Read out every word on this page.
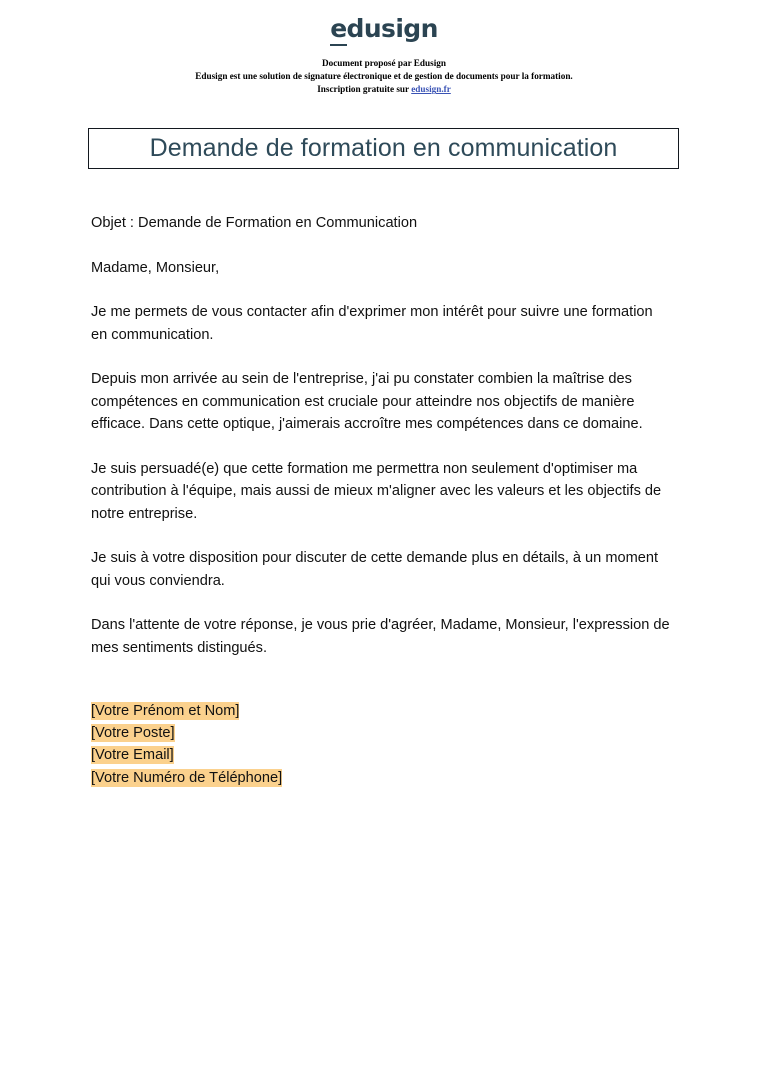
edusign
Document proposé par Edusign
Edusign est une solution de signature électronique et de gestion de documents pour la formation.
Inscription gratuite sur edusign.fr
Demande de formation en communication

Objet : Demande de Formation en Communication

Madame, Monsieur,

Je me permets de vous contacter afin d'exprimer mon intérêt pour suivre une formation en communication.

Depuis mon arrivée au sein de l'entreprise, j'ai pu constater combien la maîtrise des compétences en communication est cruciale pour atteindre nos objectifs de manière efficace. Dans cette optique, j'aimerais accroître mes compétences dans ce domaine.

Je suis persuadé(e) que cette formation me permettra non seulement d'optimiser ma contribution à l'équipe, mais aussi de mieux m'aligner avec les valeurs et les objectifs de notre entreprise.

Je suis à votre disposition pour discuter de cette demande plus en détails, à un moment qui vous conviendra.

Dans l'attente de votre réponse, je vous prie d'agréer, Madame, Monsieur, l'expression de mes sentiments distingués.

[Votre Prénom et Nom]
[Votre Poste]
[Votre Email]
[Votre Numéro de Téléphone]
